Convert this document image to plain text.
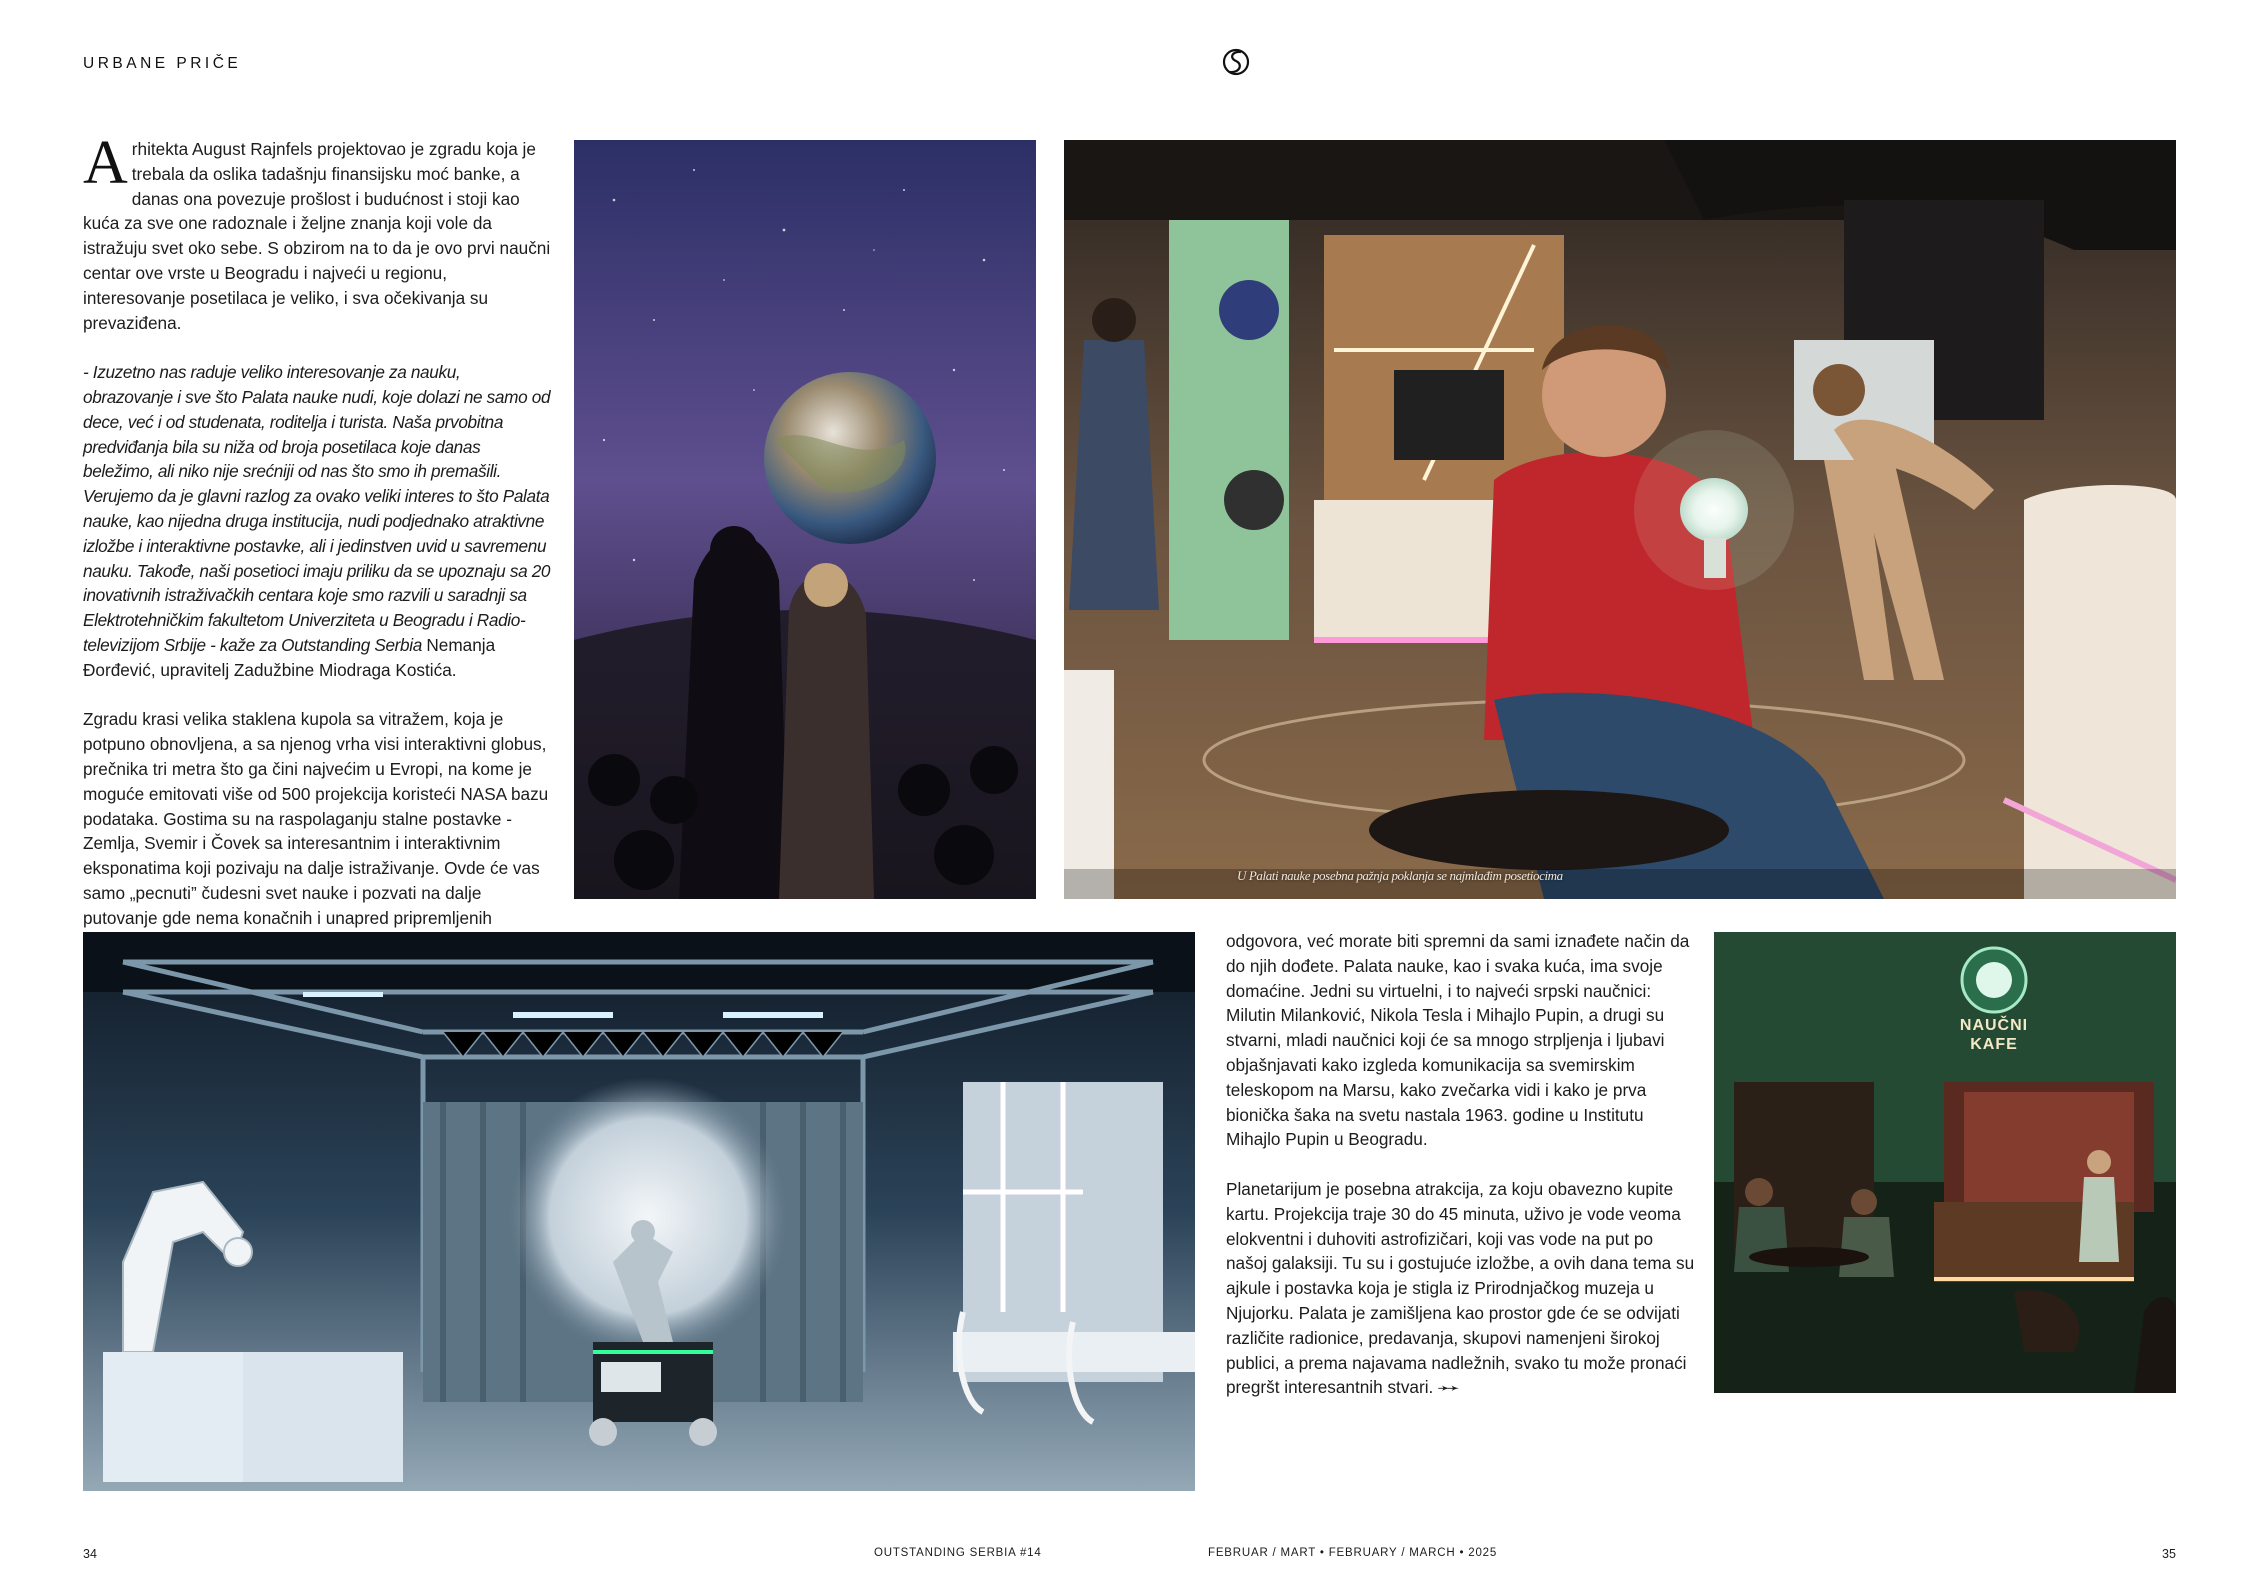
URBANE PRIČE

Arhitekta August Rajnfels projektovao je zgradu koja je trebala da oslika tadašnju finansijsku moć banke, a danas ona povezuje prošlost i budućnost i stoji kao kuća za sve one radoznale i željne znanja koji vole da istražuju svet oko sebe. S obzirom na to da je ovo prvi naučni centar ove vrste u Beogradu i najveći u regionu, interesovanje posetilaca je veliko, i sva očekivanja su prevaziđena.

- Izuzetno nas raduje veliko interesovanje za nauku, obrazovanje i sve što Palata nauke nudi, koje dolazi ne samo od dece, već i od studenata, roditelja i turista. Naša prvobitna predviđanja bila su niža od broja posetilaca koje danas beležimo, ali niko nije srećniji od nas što smo ih premašili. Verujemo da je glavni razlog za ovako veliki interes to što Palata nauke, kao nijedna druga institucija, nudi podjednako atraktivne izložbe i interaktivne postavke, ali i jedinstven uvid u savremenu nauku. Takođe, naši posetioci imaju priliku da se upoznaju sa 20 inovativnih istraživačkih centara koje smo razvili u saradnji sa Elektrotehničkim fakultetom Univerziteta u Beogradu i Radio-televizijom Srbije - kaže za Outstanding Serbia Nemanja Đorđević, upravitelj Zadužbine Miodraga Kostića.

Zgradu krasi velika staklena kupola sa vitražem, koja je potpuno obnovljena, a sa njenog vrha visi interaktivni globus, prečnika tri metra što ga čini najvećim u Evropi, na kome je moguće emitovati više od 500 projekcija koristeći NASA bazu podataka. Gostima su na raspolaganju stalne postavke - Zemlja, Svemir i Čovek sa interesantnim i interaktivnim eksponatima koji pozivaju na dalje istraživanje. Ovde će vas samo „pecnuti” čudesni svet nauke i pozvati na dalje putovanje gde nema konačnih i unapred pripremljenih

U Palati nauke posebna pažnja poklanja se najmlađim posetiocima

odgovora, već morate biti spremni da sami iznađete način da do njih dođete. Palata nauke, kao i svaka kuća, ima svoje domaćine. Jedni su virtuelni, i to najveći srpski naučnici: Milutin Milanković, Nikola Tesla i Mihajlo Pupin, a drugi su stvarni, mladi naučnici koji će sa mnogo strpljenja i ljubavi objašnjavati kako izgleda komunikacija sa svemirskim teleskopom na Marsu, kako zvečarka vidi i kako je prva bionička šaka na svetu nastala 1963. godine u Institutu Mihajlo Pupin u Beogradu.

Planetarijum je posebna atrakcija, za koju obavezno kupite kartu. Projekcija traje 30 do 45 minuta, uživo je vode veoma elokventni i duhoviti astrofizičari, koji vas vode na put po našoj galaksiji. Tu su i gostujuće izložbe, a ovih dana tema su ajkule i postavka koja je stigla iz Prirodnjačkog muzeja u Njujorku. Palata je zamišljena kao prostor gde će se odvijati različite radionice, predavanja, skupovi namenjeni širokoj publici, a prema najavama nadležnih, svako tu može pronaći pregršt interesantnih stvari. ➛➛

NAUČNI
KAFE
34	OUTSTANDING SERBIA #14	FEBRUAR / MART • FEBRUARY / MARCH • 2025	35
